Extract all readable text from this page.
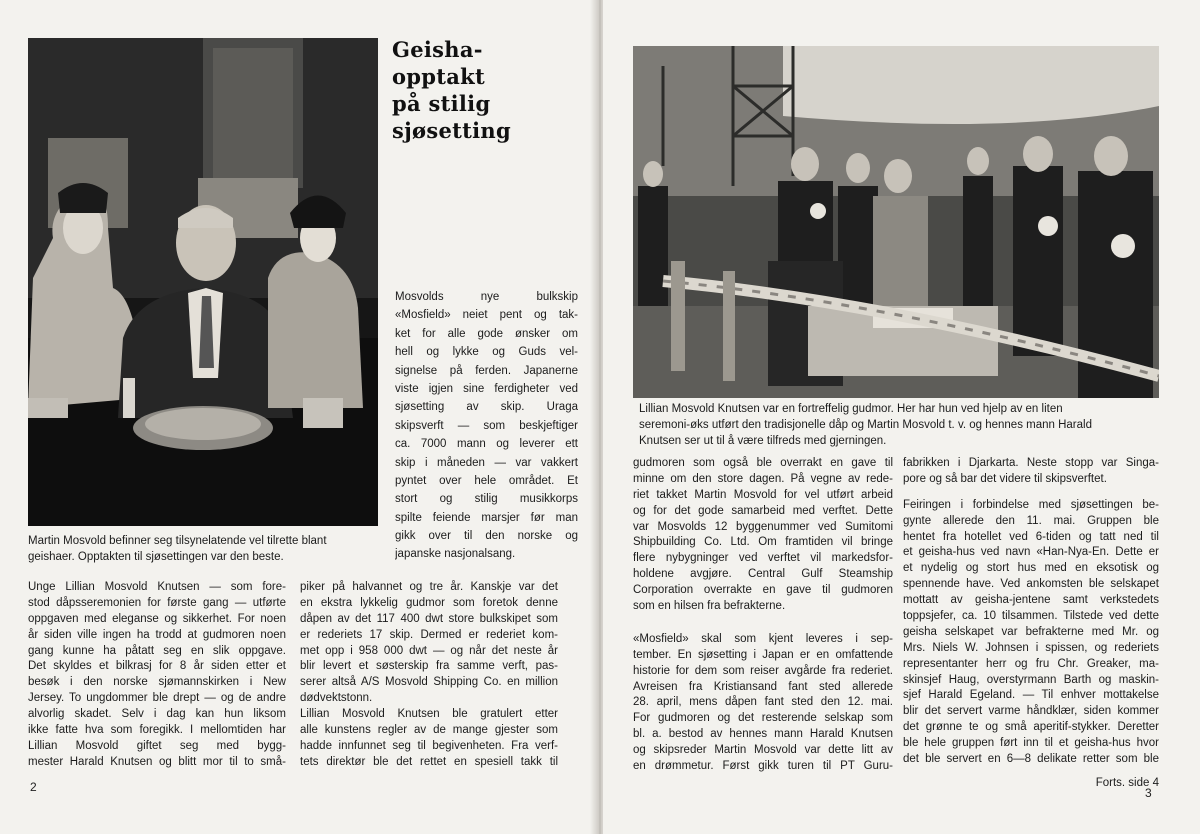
Geisha-
opptakt
på stilig
sjøsetting
Mosvolds nye bulkskip
«Mosfield» neiet pent og tak-
ket for alle gode ønsker om
hell og lykke og Guds vel-
signelse på ferden. Japanerne
viste igjen sine ferdigheter ved
sjøsetting av skip. Uraga
skipsverft — som beskjeftiger
ca. 7000 mann og leverer ett
skip i måneden — var vakkert
pyntet over hele området. Et
stort og stilig musikkorps
spilte feiende marsjer før man
gikk over til den norske og
japanske nasjonalsang.
Martin Mosvold befinner seg tilsynelatende vel tilrette blant
geishaer. Opptakten til sjøsettingen var den beste.
Unge Lillian Mosvold Knutsen — som fore-
stod dåpsseremonien for første gang — utførte
oppgaven med eleganse og sikkerhet. For noen
år siden ville ingen ha trodd at gudmoren noen
gang kunne ha påtatt seg en slik oppgave.
Det skyldes et bilkrasj for 8 år siden etter et
besøk i den norske sjømannskirken i New
Jersey. To ungdommer ble drept — og de andre
alvorlig skadet. Selv i dag kan hun liksom
ikke fatte hva som foregikk. I mellomtiden har
Lillian Mosvold giftet seg med bygg-
mester Harald Knutsen og blitt mor til to små-
piker på halvannet og tre år. Kanskje var det
en ekstra lykkelig gudmor som foretok denne
dåpen av det 117 400 dwt store bulkskipet som
er rederiets 17 skip. Dermed er rederiet kom-
met opp i 958 000 dwt — og når det neste år
blir levert et søsterskip fra samme verft, pas-
serer altså A/S Mosvold Shipping Co. en million
dødvektstonn.
Lillian Mosvold Knutsen ble gratulert etter
alle kunstens regler av de mange gjester som
hadde innfunnet seg til begivenheten. Fra verf-
tets direktør ble det rettet en spesiell takk til
2
Lillian Mosvold Knutsen var en fortreffelig gudmor. Her har hun ved hjelp av en liten
seremoni-øks utført den tradisjonelle dåp og Martin Mosvold t. v. og hennes mann Harald
Knutsen ser ut til å være tilfreds med gjerningen.
gudmoren som også ble overrakt en gave til
minne om den store dagen. På vegne av rede-
riet takket Martin Mosvold for vel utført arbeid
og for det gode samarbeid med verftet. Dette
var Mosvolds 12 byggenummer ved Sumitomi
Shipbuilding Co. Ltd. Om framtiden vil bringe
flere nybygninger ved verftet vil markedsfor-
holdene avgjøre. Central Gulf Steamship
Corporation overrakte en gave til gudmoren
som en hilsen fra befrakterne.
«Mosfield» skal som kjent leveres i sep-
tember. En sjøsetting i Japan er en omfattende
historie for dem som reiser avgårde fra rederiet.
Avreisen fra Kristiansand fant sted allerede
28. april, mens dåpen fant sted den 12. mai.
For gudmoren og det resterende selskap som
bl. a. bestod av hennes mann Harald Knutsen
og skipsreder Martin Mosvold var dette litt av
en drømmetur. Først gikk turen til PT Guru-
fabrikken i Djarkarta. Neste stopp var Singa-
pore og så bar det videre til skipsverftet.
Feiringen i forbindelse med sjøsettingen be-
gynte allerede den 11. mai. Gruppen ble
hentet fra hotellet ved 6-tiden og tatt ned til
et geisha-hus ved navn «Han-Nya-En. Dette er
et nydelig og stort hus med en eksotisk og
spennende have. Ved ankomsten ble selskapet
mottatt av geisha-jentene samt verkstedets
toppsjefer, ca. 10 tilsammen. Tilstede ved dette
geisha selskapet var befrakterne med Mr. og
Mrs. Niels W. Johnsen i spissen, og rederiets
representanter herr og fru Chr. Greaker, ma-
skinsjef Haug, overstyrmann Barth og maskin-
sjef Harald Egeland. — Til enhver mottakelse
blir det servert varme håndklær, siden kommer
det grønne te og små aperitif-stykker. Deretter
ble hele gruppen ført inn til et geisha-hus hvor
det ble servert en 6—8 delikate retter som ble
Forts. side 4
3
